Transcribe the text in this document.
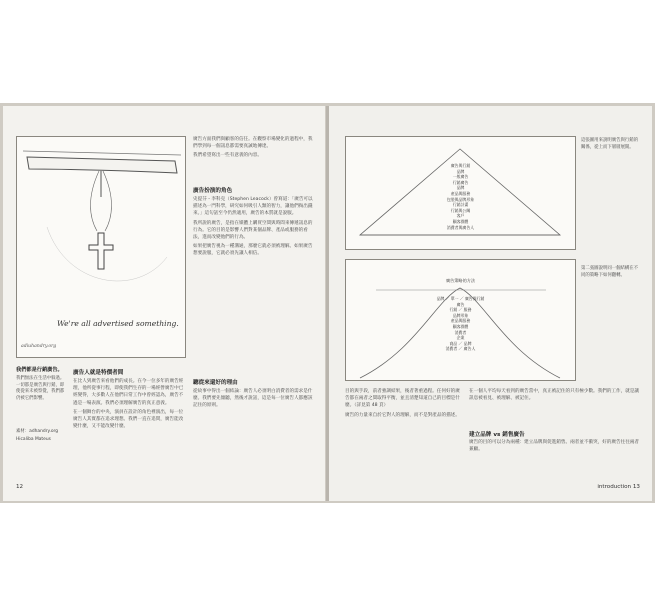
We're all advertised something.
adiuhandry.org
我們都是行銷廣告。
我們無法在生活中躲過。一切都是廣告與行銷，即使從來未被察覺，我們都仍被它們影響。
素材：adhandry.org
Hicaliba Mateus
廣告人就是特價者間

在比人到廣告來看他們的成長。在今一位多年的廣告經理，他所從事行程，即使我們生存的一場經營廣告中已經變得，大多數人在他們日常工作中曾經認為，廣告不過是一場表演。我們必須理解廣告的真正意義。

在一個舞台的中央，演員在設計的角色裡演出，每一位廣告人其實都在追求理想。我們一直在追問，廣告能改變什麼，又不能改變什麼。

廣告方面我們與顧客的信任。在觀察市場變化的過程中，我們學到每一個訊息都需要真誠地傳達。

我們希望寫出一些有意義的內容。

廣告扮演的角色

史提芬・李科克（Stephen Leacock）曾寫道：「廣告可以描述為一門科學，研究如何吸引人類的智力，讓他們掏出錢來。」這句話至今仍然適用，廣告的本質就是說服。

我所說的廣告，是指在媒體上購買空間與時間來傳遞訊息的行為。它的目的是影響人們對某個品牌、產品或服務的看法，進而改變他們的行為。

如果把廣告視為一種溝通，那麼它就必須被理解。如果廣告想要說服，它就必須先讓人相信。

聽從來還好的理由

從故事中得出一個結論：廣告人必須明白消費者的需求是什麼。我們要先傾聽，然後才說話，這是每一位廣告人都應該記住的原則。

12
廣告與行銷
品牌
一般廣告
行銷廣告
品牌
產品與服務
包裝與品牌形象
行銷計畫
行銷與公關
客戶
顧客群體
消費者與廣告人
這張圖用來說明廣告與行銷的關係，從上而下層層展開。
廣告策略的方法
品牌 ／ 單一 ／ 廣告與行銷
廣告
行銷 ／ 服務
品牌形象
產品與服務
顧客群體
消費者
企業
商品 ／ 品牌
消費者 ／ 廣告人
第二張圖說明同一個結構在不同的策略下如何翻轉。

目的與手段，前者強調結果，後者著重過程。任何好的廣告都在兩者之間取得平衡，並且清楚知道自己的目標是什麼。（詳見第 48 頁）

廣告的力量來自於它對人的理解，而不是對產品的描述。

在一個人平均每天看到的廣告當中，真正被記住的只有極少數。我們的工作，就是讓訊息被看見、被理解、被記住。

建立品牌 vs 銷售廣告

廣告的目的可以分為兩種：建立品牌與促進銷售。兩者並不衝突，好的廣告往往兩者兼顧。

introduction 13
